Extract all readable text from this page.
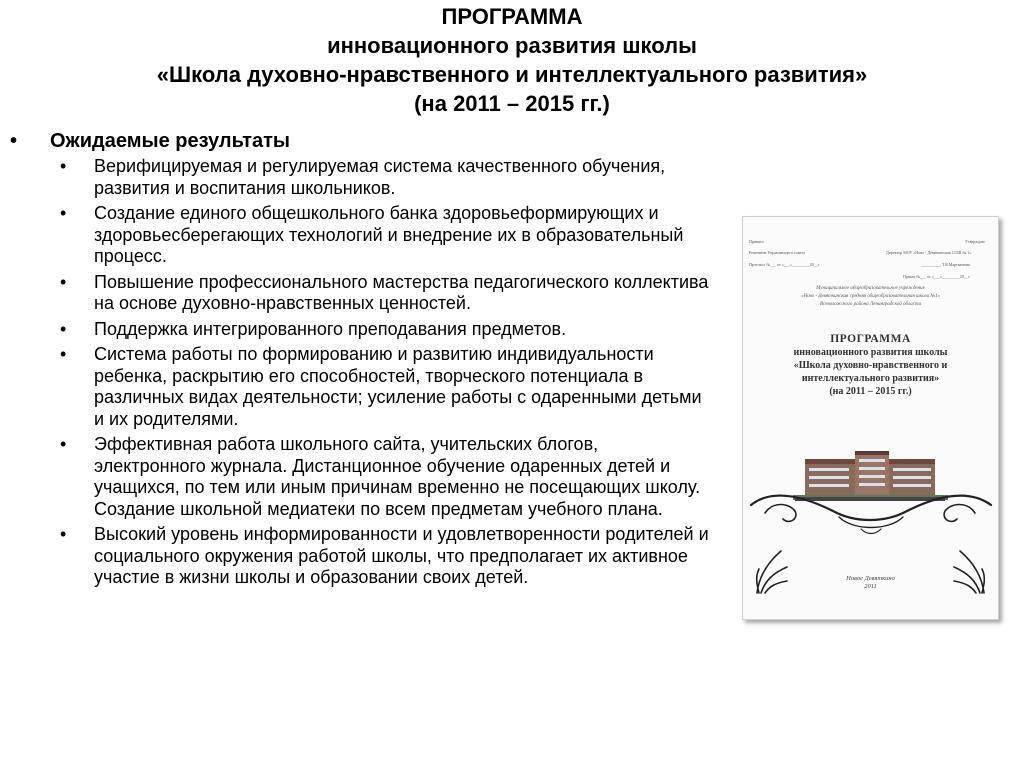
ПРОГРАММА
инновационного развития школы
«Школа духовно-нравственного и интеллектуального развития»
(на 2011 – 2015 гг.)
• Ожидаемые результаты
• Верифицируемая и регулируемая система качественного обучения, развития и воспитания школьников.
• Создание единого общешкольного банка здоровьеформирующих и здоровьесберегающих технологий и внедрение их в образовательный процесс.
• Повышение профессионального мастерства педагогического коллектива на основе духовно-нравственных ценностей.
• Поддержка интегрированного преподавания предметов.
• Система работы по формированию и развитию индивидуальности ребенка, раскрытию его способностей, творческого потенциала в различных видах деятельности; усиление работы с одаренными детьми и их родителями.
• Эффективная работа школьного сайта, учительских блогов, электронного журнала. Дистанционное обучение одаренных детей и учащихся, по тем или иным причинам временно не посещающих школу. Создание школьной медиатеки по всем предметам учебного плана.
• Высокий уровень информированности и удовлетворенности родителей и социального окружения работой школы, что предполагает их активное участие в жизни школы и образовании своих детей.
Принято
Решением Управляющего совета
Протокол №___ от «___»_________20__г.
Утверждаю
Директор МОУ «Ново - Девяткинская СОШ № 1»
__________ Т.Я.Мартыненко
Приказ №___ от «___»_________20__г.
Муниципальное общеобразовательное учреждение
«Ново - Девяткинская средняя общеобразовательная школа №1»
Всеволожского района Ленинградской области
ПРОГРАММА
инновационного развития школы
«Школа духовно-нравственного и
интеллектуального развития»
(на 2011 – 2015 гг.)
Новое Девяткино
2011
